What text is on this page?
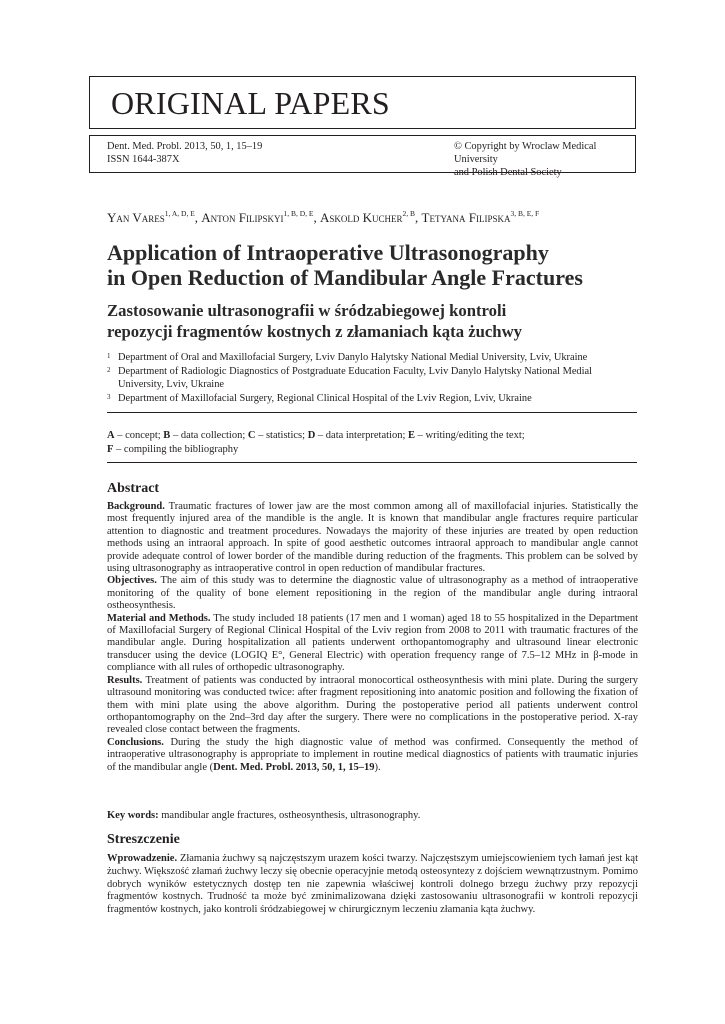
ORIGINAL PAPERS
Dent. Med. Probl. 2013, 50, 1, 15–19
ISSN 1644-387X
© Copyright by Wroclaw Medical University
and Polish Dental Society
Yan Vares$^{1, A, D, E}$, Anton Filipskyi$^{1, B, D, E}$, Askold Kucher$^{2, B}$, Tetyana Filipska$^{3, B, E, F}$
Application of Intraoperative Ultrasonography
in Open Reduction of Mandibular Angle Fractures
Zastosowanie ultrasonografii w śródzabiegowej kontroli
repozycji fragmentów kostnych z złamaniach kąta żuchwy
1 Department of Oral and Maxillofacial Surgery, Lviv Danylo Halytsky National Medial University, Lviv, Ukraine
2 Department of Radiologic Diagnostics of Postgraduate Education Faculty, Lviv Danylo Halytsky National Medial University, Lviv, Ukraine
3 Department of Maxillofacial Surgery, Regional Clinical Hospital of the Lviv Region, Lviv, Ukraine
A – concept; B – data collection; C – statistics; D – data interpretation; E – writing/editing the text;
F – compiling the bibliography
Abstract

Background. Traumatic fractures of lower jaw are the most common among all of maxillofacial injuries. Statistically the most frequently injured area of the mandible is the angle. It is known that mandibular angle fractures require particular attention to diagnostic and treatment procedures. Nowadays the majority of these injuries are treated by open reduction methods using an intraoral approach. In spite of good aesthetic outcomes intraoral approach to mandibular angle cannot provide adequate control of lower border of the mandible during reduction of the fragments. This problem can be solved by using ultrasonography as intraoperative control in open reduction of mandibular fractures.

Objectives. The aim of this study was to determine the diagnostic value of ultrasonography as a method of intraoperative monitoring of the quality of bone element repositioning in the region of the mandibular angle during intraoral ostheosynthesis.

Material and Methods. The study included 18 patients (17 men and 1 woman) aged 18 to 55 hospitalized in the Department of Maxillofacial Surgery of Regional Clinical Hospital of the Lviv region from 2008 to 2011 with traumatic fractures of the mandibular angle. During hospitalization all patients underwent orthopantomography and ultrasound linear electronic transducer using the device (LOGIQ E°, General Electric) with operation frequency range of 7.5–12 MHz in β-mode in compliance with all rules of orthopedic ultrasonography.

Results. Treatment of patients was conducted by intraoral monocortical ostheosynthesis with mini plate. During the surgery ultrasound monitoring was conducted twice: after fragment repositioning into anatomic position and following the fixation of them with mini plate using the above algorithm. During the postoperative period all patients underwent control orthopantomography on the 2nd–3rd day after the surgery. There were no complications in the postoperative period. X-ray revealed close contact between the fragments.

Conclusions. During the study the high diagnostic value of method was confirmed. Consequently the method of intraoperative ultrasonography is appropriate to implement in routine medical diagnostics of patients with traumatic injuries of the mandibular angle (Dent. Med. Probl. 2013, 50, 1, 15–19).

Key words: mandibular angle fractures, ostheosynthesis, ultrasonography.
Streszczenie

Wprowadzenie. Złamania żuchwy są najczęstszym urazem kości twarzy. Najczęstszym umiejscowieniem tych łamań jest kąt żuchwy. Większość złamań żuchwy leczy się obecnie operacyjnie metodą osteosyntezy z dojściem wewnątrzustnym. Pomimo dobrych wyników estetycznych dostęp ten nie zapewnia właściwej kontroli dolnego brzegu żuchwy przy repozycji fragmentów kostnych. Trudność ta może być zminimalizowana dzięki zastosowaniu ultrasonografii w kontroli repozycji fragmentów kostnych, jako kontroli śródzabiegowej w chirurgicznym leczeniu złamania kąta żuchwy.
